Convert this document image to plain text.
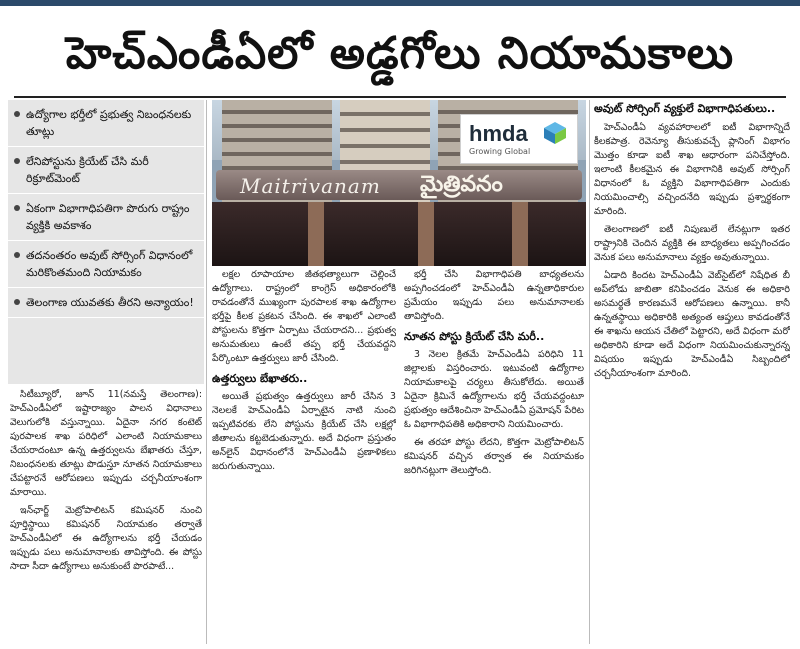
హెచ్‌ఎండీఏలో అడ్డగోలు నియామకాలు
ఉద్యోగాల భర్తీలో ప్రభుత్వ నిబంధనలకు తూట్లు
లేనిపోస్టును క్రియేట్ చేసి మరీ రిక్రూట్‌మెంట్
ఏకంగా విభాగాధిపతిగా పొరుగు రాష్ట్రం వ్యక్తికి అవకాశం
తదనంతరం అవుట్ సోర్సింగ్ విధానంలో మరికొంతమంది నియామకం
తెలంగాణ యువతకు తీరని అన్యాయం!
Maitrivanam మైత్రివనం
hmda
Growing Global

సిటీబ్యూరో, జూన్ 11(నమస్తే తెలంగాణ): హెచ్‌ఎండీఏలో ఇష్టారాజ్యం పాలన విధానాలు వెలుగులోకి వస్తున్నాయి. ఏదైనా నగర కంటెట్ పురపాలక శాఖ పరిధిలో ఎలాంటి నియామకాలు చేయరాదంటూ ఉన్న ఉత్తర్వులను బేఖాతరు చేస్తూ, నిబంధనలకు తూట్లు పొడుస్తూ నూతన నియామకాలు చేపట్టారనే ఆరోపణలు ఇప్పుడు చర్చనీయాంశంగా మారాయి.

ఇన్‌ఛార్జ్ మెట్రోపాలిటన్ కమిషనర్ నుంచి పూర్తిస్థాయి కమిషనర్ నియామకం తర్వాతే హెచ్‌ఎండీఏలో ఈ ఉద్యోగాలను భర్తీ చేయడం ఇప్పుడు పలు అనుమానాలకు తావిస్తోంది. ఈ పోస్టు సాదా సీదా ఉద్యోగాలు అనుకుంటే పొరపాటే...

లక్షల రూపాయాల జీతభత్యాలుగా చెల్లించే ఉద్యోగాలు. రాష్ట్రంలో కాంగ్రెస్ అధికారంలోకి రావడంతోనే ముఖ్యంగా పురపాలక శాఖ ఉద్యోగాల భర్తీపై కీలక ప్రకటన చేసింది. ఈ శాఖలో ఎలాంటి పోస్టులను కొత్తగా ఏర్పాటు చేయరాదని... ప్రభుత్వ అనుమతులు ఉంటే తప్ప భర్తీ చేయవద్దని పేర్కొంటూ ఉత్తర్వులు జారీ చేసింది.

ఉత్తర్వులు బేఖాతరు..

అయితే ప్రభుత్వం ఉత్తర్వులు జారీ చేసిన 3 నెలలకే హెచ్‌ఎండీఏ ఏర్పాటైన నాటి నుంచి ఇప్పటివరకు లేని పోస్టును క్రియేట్ చేసి లక్షల్లో జీతాలను కట్టబెడుతున్నారు. అదే విధంగా ప్రస్తుతం అన్‌లైన్ విధానంలోనే హెచ్‌ఎండీఏ ప్రణాళికలు జరుగుతున్నాయి.

భర్తీ చేసి విభాగాధిపతి బాధ్యతలను అప్పగించడంలో హెచ్‌ఎండీఏ ఉన్నతాధికారుల ప్రమేయం ఇప్పుడు పలు అనుమానాలకు తావిస్తోంది.

నూతన పోస్టు క్రియేట్ చేసి మరీ..

3 నెలల క్రితమే హెచ్‌ఎండీఏ పరిధిని 11 జిల్లాలకు విస్తరించారు. ఇటువంటి ఉద్యోగాల నియామకాలపై చర్యలు తీసుకోలేదు. అయితే ఏదైనా క్రిమినే ఉద్యోగాలను భర్తీ చేయవద్దంటూ ప్రభుత్వం ఆదేశించినా హెచ్‌ఎండీఏ ప్రమోషన్ పేరిట ఓ విభాగాధిపతికి అధికారాని నియమించారు.

ఈ తరహా పోస్టు లేదని, కొత్తగా మెట్రోపాలిటన్ కమిషనర్ వచ్చిన తర్వాత ఈ నియామకం జరిగినట్లుగా తెలుస్తోంది.

అవుట్ సోర్సింగ్ వ్యక్తులే విభాగాధిపతులు..

హెచ్‌ఎండీఏ వ్యవహారాలలో ఐటీ విభాగాన్నిదే కీలకపాత్ర. రెవెన్యూ తీసుకువచ్చే ప్లానింగ్ విభాగం మొత్తం కూడా ఐటీ శాఖ ఆధారంగా పనిచేస్తోంది. ఇలాంటి కీలకమైన ఈ విభాగానికి అవుట్ సోర్సింగ్ విధానంలో ఓ వ్యక్తిని విభాగాధిపతిగా ఎందుకు నియమించాల్సి వచ్చిందనేది ఇప్పుడు ప్రశ్నార్థకంగా మారింది.

తెలంగాణలో ఐటీ నిపుణులే లేనట్లుగా ఇతర రాష్ట్రానికి చెందిన వ్యక్తికి ఈ బాధ్యతలు అప్పగించడం వెనుక పలు అనుమానాలు వ్యక్తం అవుతున్నాయి.

ఏడాది కిందట హెచ్‌ఎండీఏ వెబ్‌సైట్‌లో నిషేధిత బీ అప్‌లోడు జాబితా కనిపించడం వెనుక ఈ అధికారి అసమర్థతే కారణమనే ఆరోపణలు ఉన్నాయి. కానీ ఉన్నతస్థాయి అధికారికి అత్యంత ఆప్తులు కావడంతోనే ఈ శాఖను ఆయన చేతిలో పెట్టారని, అదే విధంగా మరో అధికారిని కూడా అదే విధంగా నియమించుకున్నారన్న విషయం ఇప్పుడు హెచ్‌ఎండీఏ సిబ్బందిలో చర్చనీయాంశంగా మారింది.
